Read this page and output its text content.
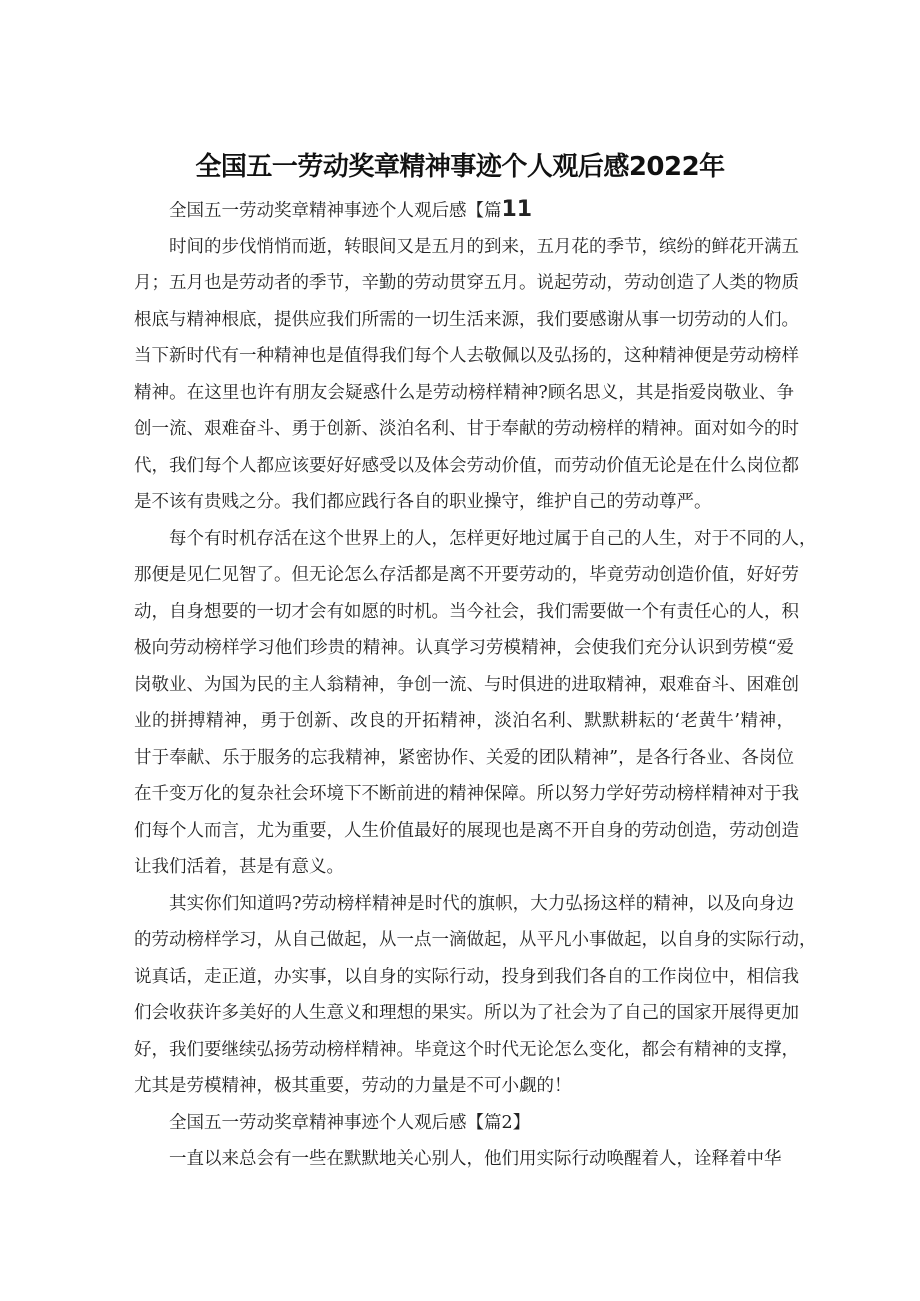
全国五一劳动奖章精神事迹个人观后感2022年
全国五一劳动奖章精神事迹个人观后感【篇11
时间的步伐悄悄而逝，转眼间又是五月的到来，五月花的季节，缤纷的鲜花开满五
月；五月也是劳动者的季节，辛勤的劳动贯穿五月。说起劳动，劳动创造了人类的物质
根底与精神根底，提供应我们所需的一切生活来源，我们要感谢从事一切劳动的人们。
当下新时代有一种精神也是值得我们每个人去敬佩以及弘扬的，这种精神便是劳动榜样
精神。在这里也许有朋友会疑惑什么是劳动榜样精神?顾名思义，其是指爱岗敬业、争
创一流、艰难奋斗、勇于创新、淡泊名利、甘于奉献的劳动榜样的精神。面对如今的时
代，我们每个人都应该要好好感受以及体会劳动价值，而劳动价值无论是在什么岗位都
是不该有贵贱之分。我们都应践行各自的职业操守，维护自己的劳动尊严。
每个有时机存活在这个世界上的人，怎样更好地过属于自己的人生，对于不同的人，
那便是见仁见智了。但无论怎么存活都是离不开要劳动的，毕竟劳动创造价值，好好劳
动，自身想要的一切才会有如愿的时机。当今社会，我们需要做一个有责任心的人，积
极向劳动榜样学习他们珍贵的精神。认真学习劳模精神，会使我们充分认识到劳模“爱
岗敬业、为国为民的主人翁精神，争创一流、与时俱进的进取精神，艰难奋斗、困难创
业的拼搏精神，勇于创新、改良的开拓精神，淡泊名利、默默耕耘的‘老黄牛’精神，
甘于奉献、乐于服务的忘我精神，紧密协作、关爱的团队精神”，是各行各业、各岗位
在千变万化的复杂社会环境下不断前进的精神保障。所以努力学好劳动榜样精神对于我
们每个人而言，尤为重要，人生价值最好的展现也是离不开自身的劳动创造，劳动创造
让我们活着，甚是有意义。
其实你们知道吗?劳动榜样精神是时代的旗帜，大力弘扬这样的精神，以及向身边
的劳动榜样学习，从自己做起，从一点一滴做起，从平凡小事做起，以自身的实际行动，
说真话，走正道，办实事，以自身的实际行动，投身到我们各自的工作岗位中，相信我
们会收获许多美好的人生意义和理想的果实。所以为了社会为了自己的国家开展得更加
好，我们要继续弘扬劳动榜样精神。毕竟这个时代无论怎么变化，都会有精神的支撑，
尤其是劳模精神，极其重要，劳动的力量是不可小觑的！
全国五一劳动奖章精神事迹个人观后感【篇2】
一直以来总会有一些在默默地关心别人，他们用实际行动唤醒着人，诠释着中华
